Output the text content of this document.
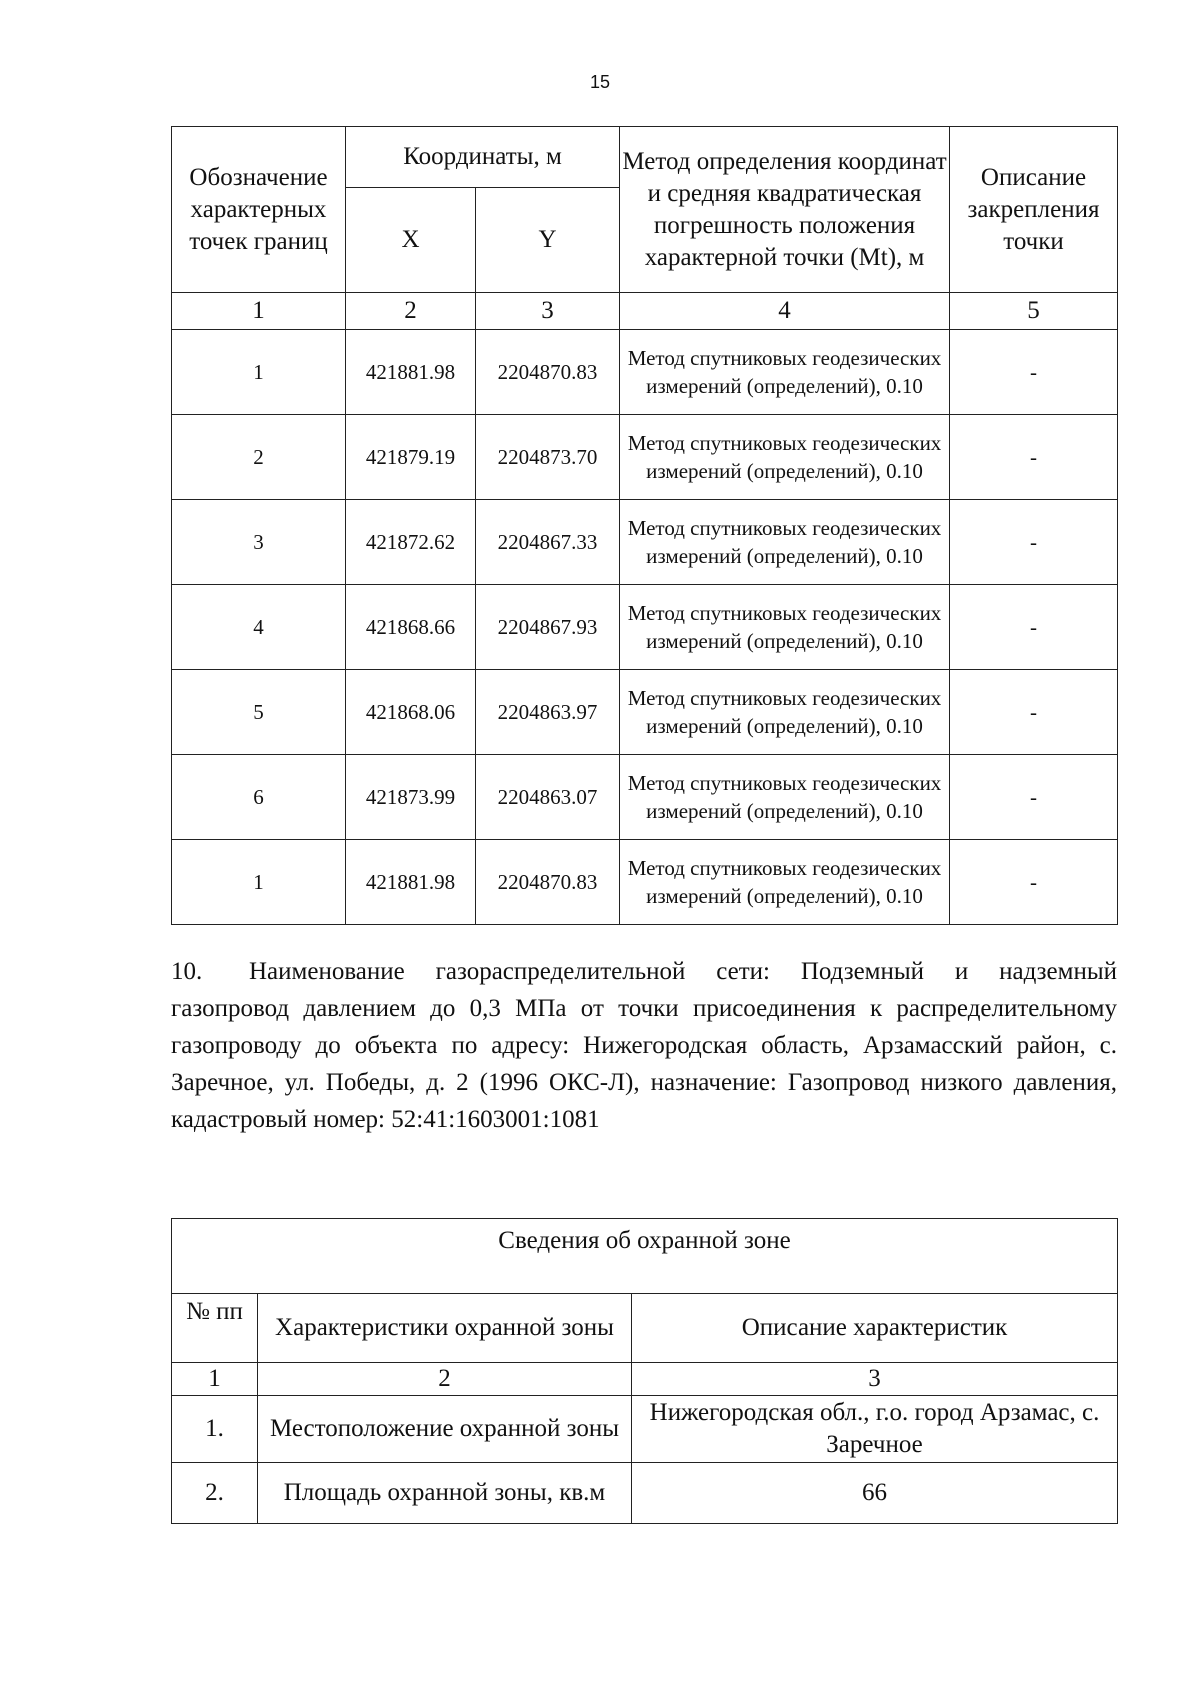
15
Обозначение характерных точек границ	Координаты, м		Метод определения координат и средняя квадратическая погрешность положения характерной точки (Mt), м	Описание закрепления точки
	X	Y		
1	2	3	4	5
1	421881.98	2204870.83	Метод спутниковых геодезических измерений (определений), 0.10	-
2	421879.19	2204873.70	Метод спутниковых геодезических измерений (определений), 0.10	-
3	421872.62	2204867.33	Метод спутниковых геодезических измерений (определений), 0.10	-
4	421868.66	2204867.93	Метод спутниковых геодезических измерений (определений), 0.10	-
5	421868.06	2204863.97	Метод спутниковых геодезических измерений (определений), 0.10	-
6	421873.99	2204863.07	Метод спутниковых геодезических измерений (определений), 0.10	-
1	421881.98	2204870.83	Метод спутниковых геодезических измерений (определений), 0.10	-

10. Наименование газораспределительной сети: Подземный и надземный газопровод давлением до 0,3 МПа от точки присоединения к распределительному газопроводу до объекта по адресу: Нижегородская область, Арзамасский район, с. Заречное, ул. Победы, д. 2 (1996 ОКС-Л), назначение: Газопровод низкого давления, кадастровый номер: 52:41:1603001:1081

Сведения об охранной зоне		
№ пп	Характеристики охранной зоны	Описание характеристик
1	2	3
1.	Местоположение охранной зоны	Нижегородская обл., г.о. город Арзамас, с. Заречное
2.	Площадь охранной зоны, кв.м	66
